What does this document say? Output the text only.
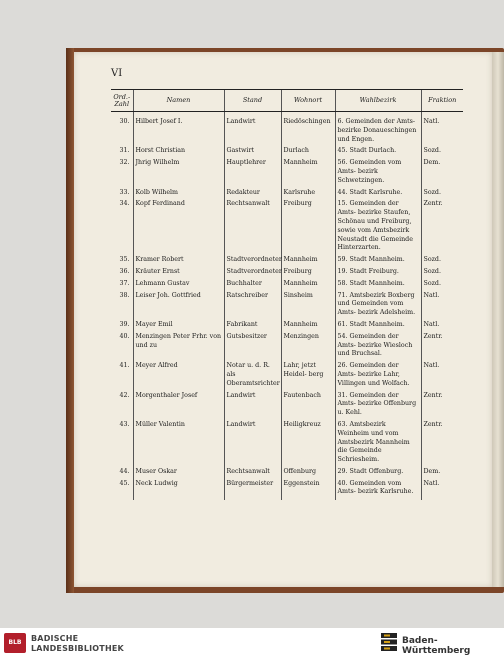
VI
Ord.- Zahl	Namen	Stand	Wohnort	Wahlbezirk	Fraktion

30.	Hilbert Josef I.	Landwirt	Riedöschingen	6. Gemeinden der Amts- bezirke Donaueschingen und Engen.	Natl.
31.	Horst Christian	Gastwirt	Durlach	45. Stadt Durlach.	Sozd.
32.	Jhrig Wilhelm	Hauptlehrer	Mannheim	56. Gemeinden vom Amts- bezirk Schwetzingen.	Dem.
33.	Kolb Wilhelm	Redakteur	Karlsruhe	44. Stadt Karlsruhe.	Sozd.
34.	Kopf Ferdinand	Rechtsanwalt	Freiburg	15. Gemeinden der Amts- bezirke Staufen, Schönau und Freiburg, sowie vom Amtsbezirk Neustadt die Gemeinde Hinterzarten.	Zentr.
35.	Kramer Robert	Stadtverordneter	Mannheim	59. Stadt Mannheim.	Sozd.
36.	Kräuter Ernst	Stadtverordneter	Freiburg	19. Stadt Freiburg.	Sozd.
37.	Lehmann Gustav	Buchhalter	Mannheim	58. Stadt Mannheim.	Sozd.
38.	Leiser Joh. Gottfried	Ratschreiber	Sinsheim	71. Amtsbezirk Boxberg und Gemeinden vom Amts- bezirk Adelsheim.	Natl.
39.	Mayer Emil	Fabrikant	Mannheim	61. Stadt Mannheim.	Natl.
40.	Menzingen Peter Frhr. von und zu	Gutsbesitzer	Menzingen	54. Gemeinden der Amts- bezirke Wiesloch und Bruchsal.	Zentr.
41.	Meyer Alfred	Notar u. d. R. als Oberamtsrichter	Lahr, jetzt Heidel- berg	26. Gemeinden der Amts- bezirke Lahr, Villingen und Wolfach.	Natl.
42.	Morgenthaler Josef	Landwirt	Fautenbach	31. Gemeinden der Amts- bezirke Offenburg u. Kehl.	Zentr.
43.	Müller Valentin	Landwirt	Heiligkreuz	63. Amtsbezirk Weinheim und vom Amtsbezirk Mannheim die Gemeinde Schriesheim.	Zentr.
44.	Muser Oskar	Rechtsanwalt	Offenburg	29. Stadt Offenburg.	Dem.
45.	Neck Ludwig	Bürgermeister	Eggenstein	40. Gemeinden vom Amts- bezirk Karlsruhe.	Natl.
BLB	BADISCHE
LANDESBIBLIOTHEK
Baden-Württemberg
